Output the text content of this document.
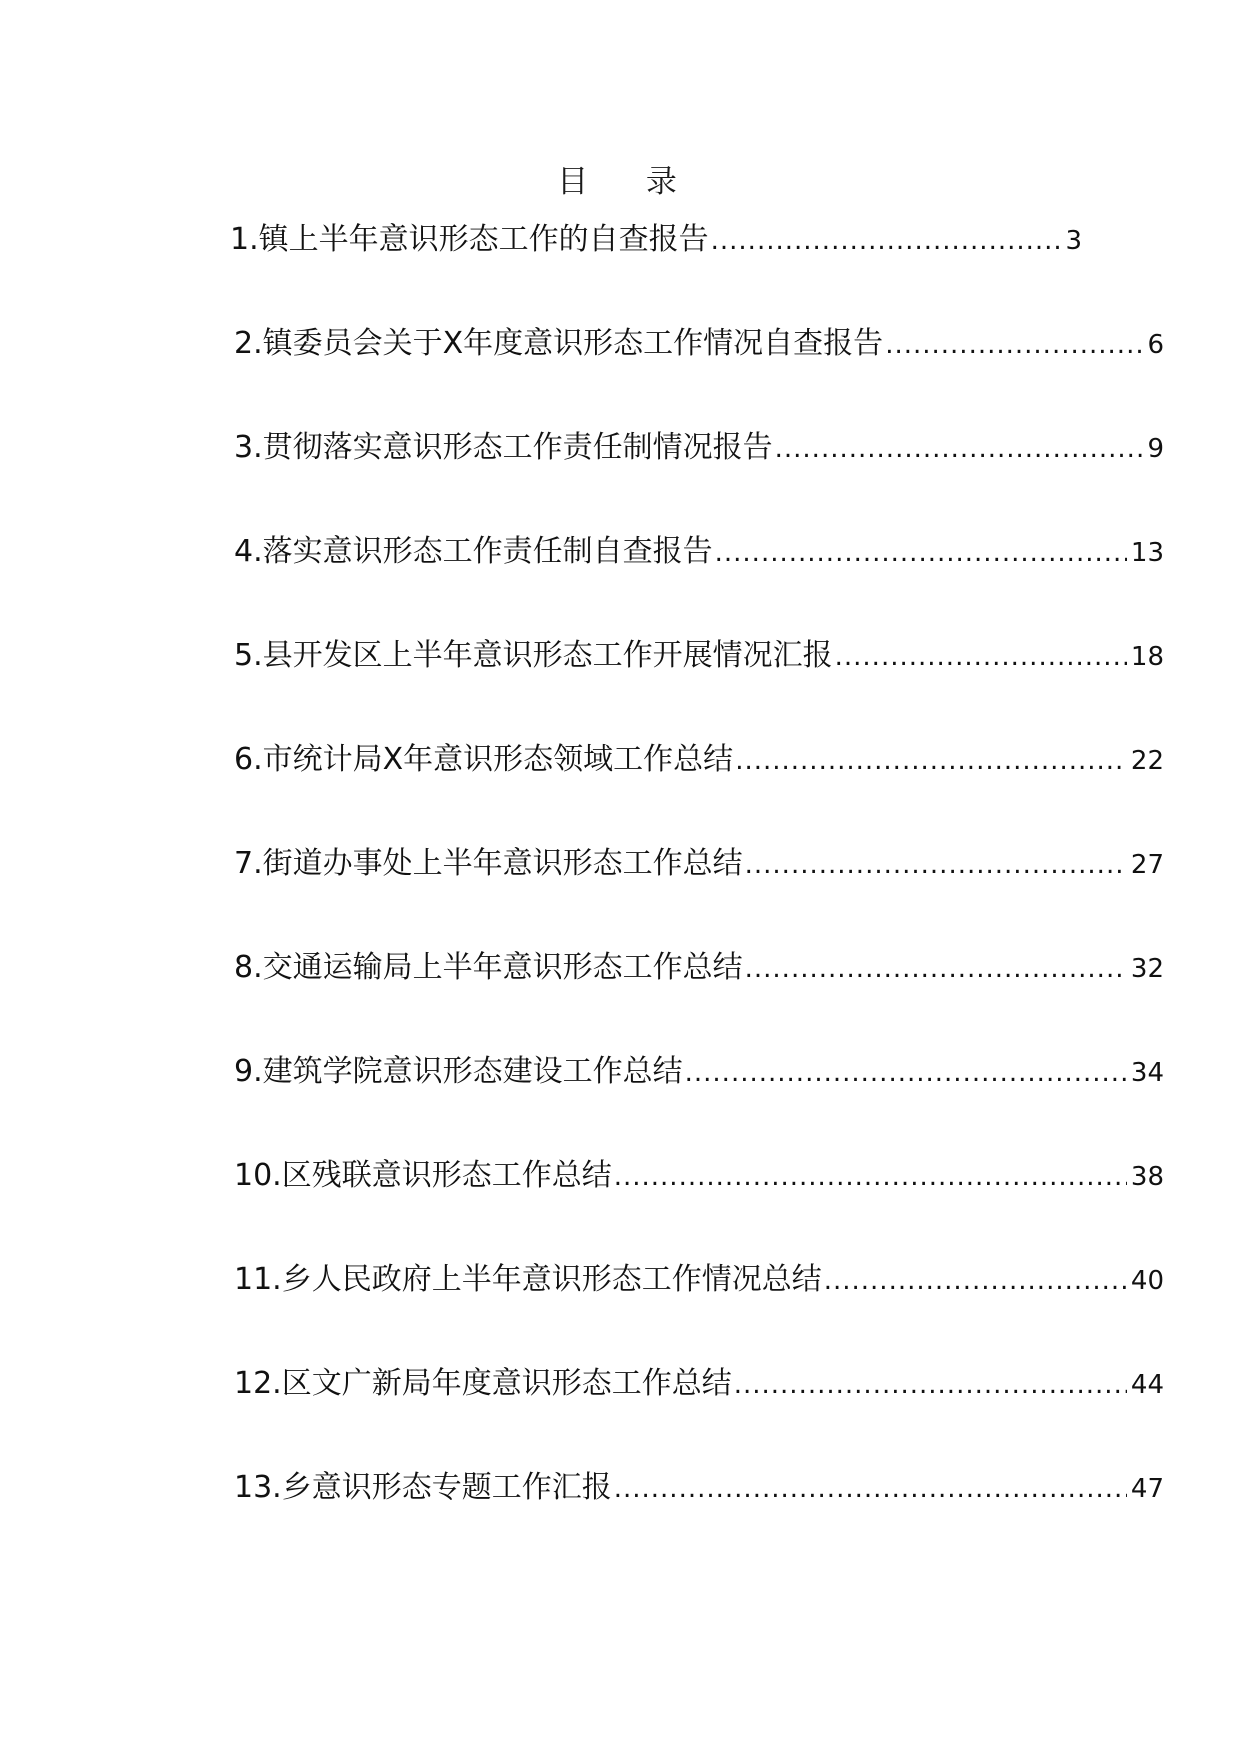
目 录
1.镇上半年意识形态工作的自查报告 .....	3
2.镇委员会关于X年度意识形态工作情况自查报告 .....	6
3.贯彻落实意识形态工作责任制情况报告 .....	9
4.落实意识形态工作责任制自查报告 .....	13
5.县开发区上半年意识形态工作开展情况汇报 .....	18
6.市统计局X年意识形态领域工作总结 .....	22
7.街道办事处上半年意识形态工作总结 .....	27
8.交通运输局上半年意识形态工作总结 .....	32
9.建筑学院意识形态建设工作总结 .....	34
10.区残联意识形态工作总结 .....	38
11.乡人民政府上半年意识形态工作情况总结 .....	40
12.区文广新局年度意识形态工作总结 .....	44
13.乡意识形态专题工作汇报 .....	47
